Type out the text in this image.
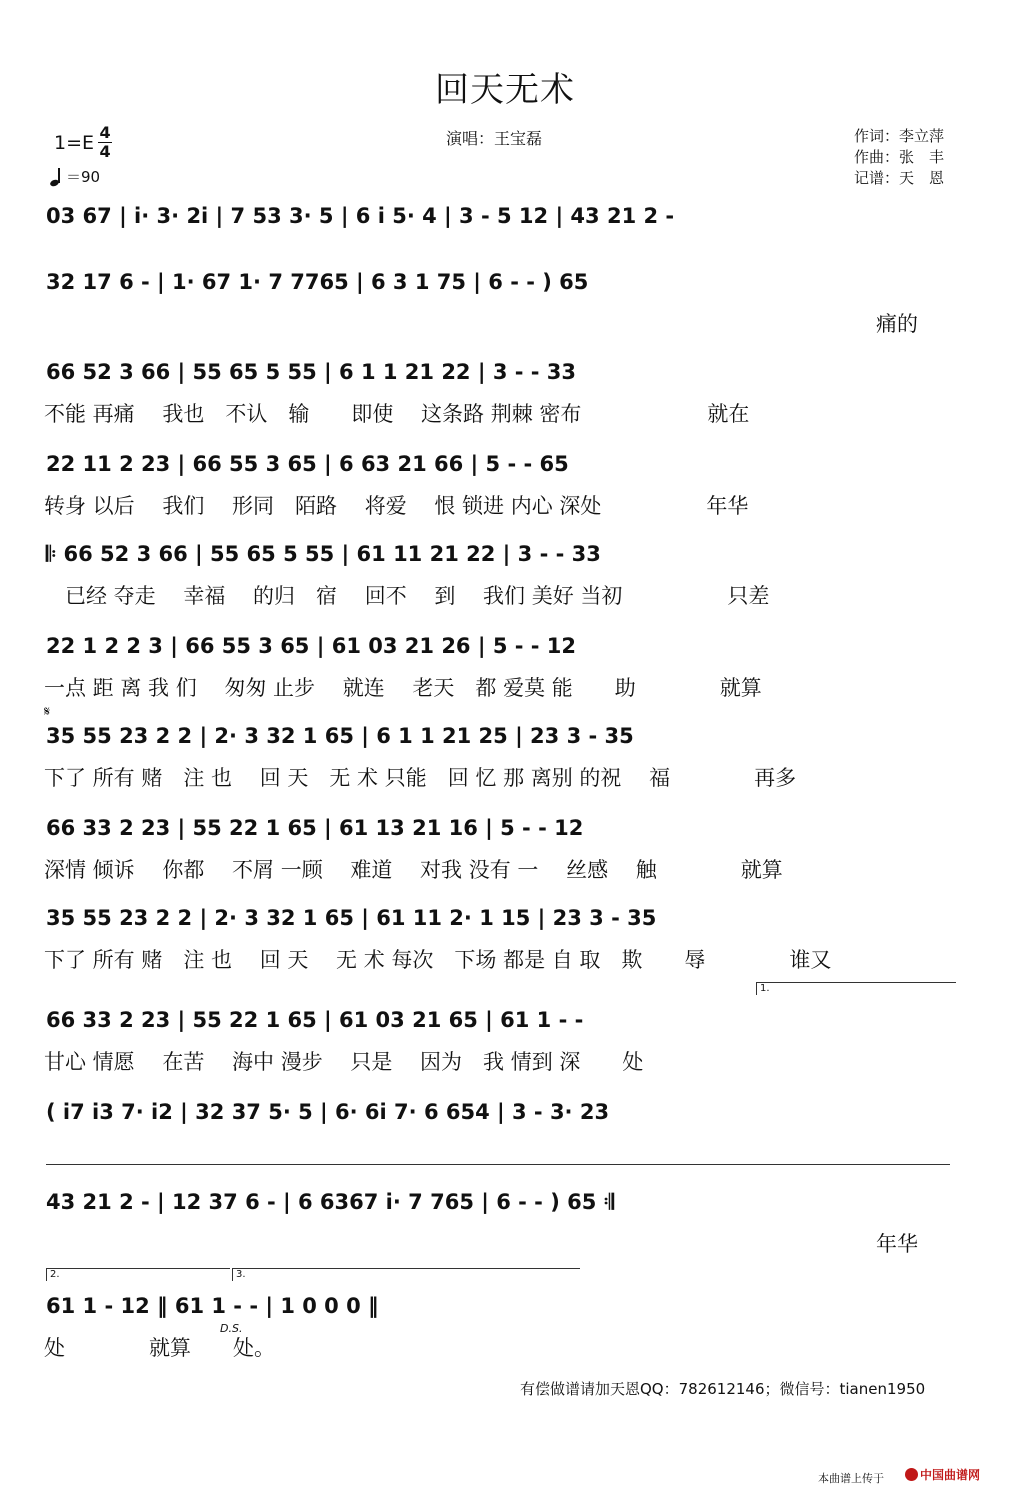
回天无术
$1=E \frac{4}{4}$
＝90
演唱：王宝磊	作词：李立萍
作曲：张　丰
记谱：天　恩
03 67 | i· 3· 2i | 7 53 3· 5 | 6 i 5· 4 | 3 - 5 12 | 43 21 2 -
32 17 6 - | 1· 67 1· 7 7765 | 6 3 1 75 | 6 - - ) 65
痛的
66 52 3 66 | 55 65 5 55 | 6 1 1 21 22 | 3 - - 33
不能 再痛　 我也　不认　输　　即使　 这条路 荆棘 密布　　　　　　就在
22 11 2 23 | 66 55 3 65 | 6 63 21 66 | 5 - - 65
转身 以后　 我们　 形同　陌路　 将爱　 恨 锁进 内心 深处　　　　　年华
𝄆 66 52 3 66 | 55 65 5 55 | 61 11 21 22 | 3 - - 33
　已经 夺走　 幸福　 的归　宿　 回不　 到　 我们 美好 当初　　　　　只差
22 1 2 2 3 | 66 55 3 65 | 61 03 21 26 | 5 - - 12
一点 距 离 我 们　 匆匆 止步　 就连　 老天　都 爱莫 能　　助　　　　就算
𝄋
35 55 23 2 2 | 2· 3 32 1 65 | 6 1 1 21 25 | 23 3 - 35
下了 所有 赌　注 也　 回 天　无 术 只能　回 忆 那 离别 的祝　 福　　　　再多
66 33 2 23 | 55 22 1 65 | 61 13 21 16 | 5 - - 12
深情 倾诉　 你都　 不屑 一顾　 难道　 对我 没有 一　 丝感　 触　　　　就算
35 55 23 2 2 | 2· 3 32 1 65 | 61 11 2· 1 15 | 23 3 - 35
下了 所有 赌　注 也　 回 天　 无 术 每次　下场 都是 自 取　欺　　辱　　　　谁又
1.
66 33 2 23 | 55 22 1 65 | 61 03 21 65 | 61 1 - -
甘心 情愿　 在苦　 海中 漫步　 只是　 因为　我 情到 深　　处
( i7 i3 7· i2 | 32 37 5· 5 | 6· 6i 7· 6 654 | 3 - 3· 23
43 21 2 - | 12 37 6 - | 6 6367 i· 7 765 | 6 - - ) 65 𝄇
年华
2.	3.
61 1 - 12 ‖ 61 1 - - | 1 0 0 0 ‖
D.S.
处　　　　就算　　处。
有偿做谱请加天恩QQ：782612146；微信号：tianen1950
本曲谱上传于	中国曲谱网
